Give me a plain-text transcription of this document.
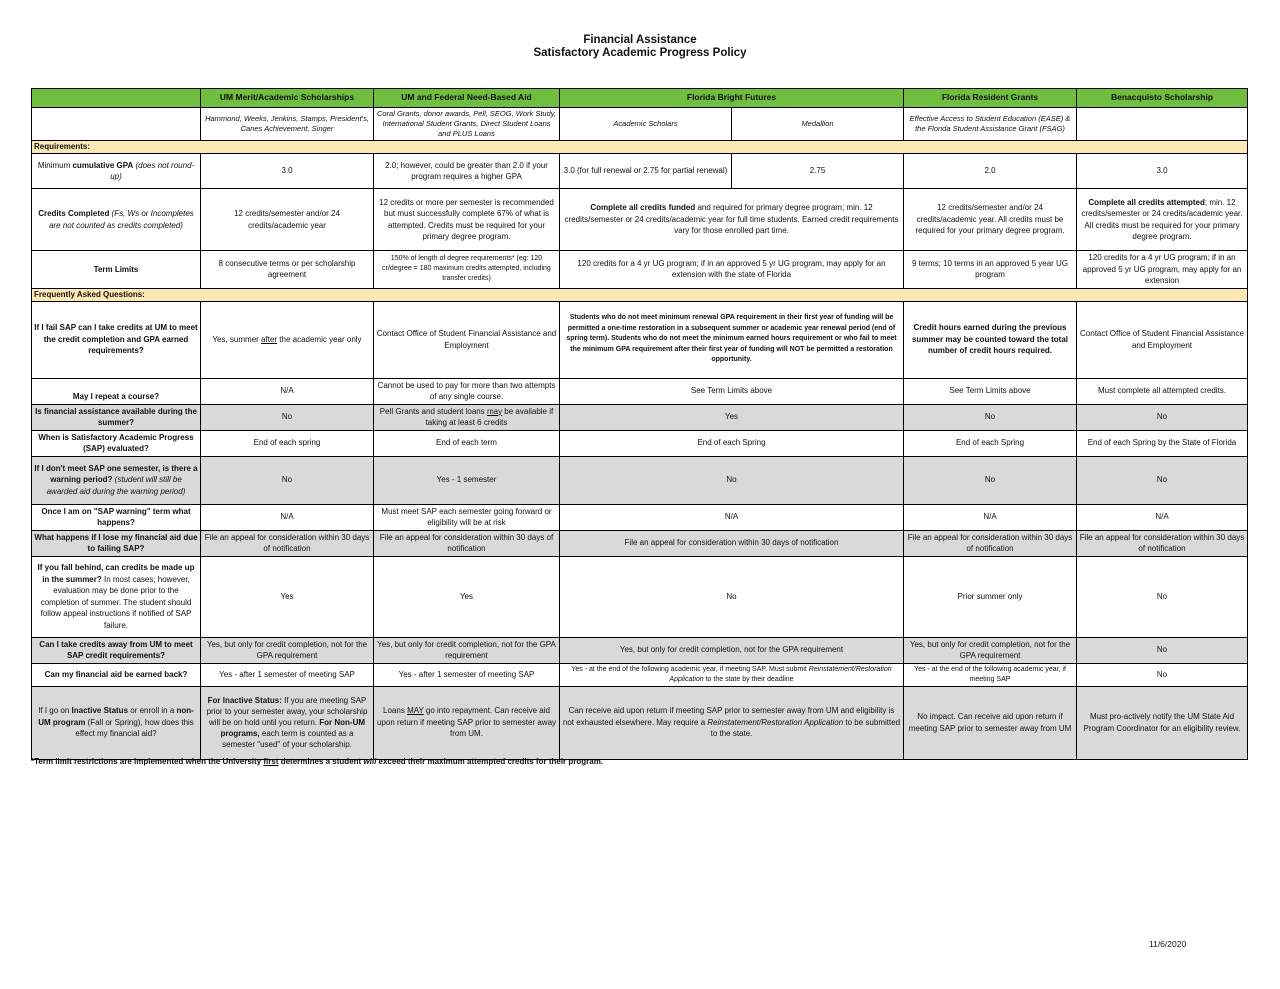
Financial Assistance
Satisfactory Academic Progress Policy
	UM Merit/Academic Scholarships	UM and Federal Need-Based Aid	Florida Bright Futures		Florida Resident Grants	Benacquisto Scholarship
	Hammond, Weeks, Jenkins, Stamps, President's, Canes Achievement, Singer	Coral Grants, donor awards, Pell, SEOG, Work Study, International Student Grants, Direct Student Loans and PLUS Loans	Academic Scholars	Medallion	Effective Access to Student Education (EASE) & the Florida Student Assistance Grant (FSAG)	
Requirements:						
Minimum cumulative GPA (does not round-up)	3.0	2.0; however, could be greater than 2.0 if your program requires a higher GPA	3.0 (for full renewal or 2.75 for partial renewal)	2.75	2.0	3.0
Credits Completed (Fs, Ws or Incompletes are not counted as credits completed)	12 credits/semester and/or 24 credits/academic year	12 credits or more per semester is recommended but must successfully complete 67% of what is attempted. Credits must be required for your primary degree program.	Complete all credits funded and required for primary degree program; min. 12 credits/semester or 24 credits/academic year for full time students. Earned credit requirements vary for those enrolled part time.		12 credits/semester and/or 24 credits/academic year. All credits must be required for your primary degree program.	Complete all credits attempted; min. 12 credits/semester or 24 credits/academic year. All credits must be required for your primary degree program.
Term Limits	8 consecutive terms or per scholarship agreement	150% of length of degree requirements* (eg: 120 cr/degree = 180 maximum credits attempted, including transfer credits)	120 credits for a 4 yr UG program; if in an approved 5 yr UG program, may apply for an extension with the state of Florida		9 terms; 10 terms in an approved 5 year UG program	120 credits for a 4 yr UG program; if in an approved 5 yr UG program, may apply for an extension
Frequently Asked Questions:						
If I fail SAP can I take credits at UM to meet the credit completion and GPA earned requirements?	Yes, summer after the academic year only	Contact Office of Student Financial Assistance and Employment	Students who do not meet minimum renewal GPA requirement in their first year of funding will be permitted a one-time restoration in a subsequent summer or academic year renewal period (end of spring term). Students who do not meet the minimum earned hours requirement or who fail to meet the minimum GPA requirement after their first year of funding will NOT be permitted a restoration opportunity.		Credit hours earned during the previous summer may be counted toward the total number of credit hours required.	Contact Office of Student Financial Assistance and Employment
May I repeat a course?	N/A	Cannot be used to pay for more than two attempts of any single course.	See Term Limits above		See Term Limits above	Must complete all attempted credits.
Is financial assistance available during the summer?	No	Pell Grants and student loans may be available if taking at least 6 credits	Yes		No	No
When is Satisfactory Academic Progress (SAP) evaluated?	End of each spring	End of each term	End of each Spring		End of each Spring	End of each Spring by the State of Florida
If I don't meet SAP one semester, is there a warning period? (student will still be awarded aid during the warning period)	No	Yes - 1 semester	No		No	No
Once I am on "SAP warning" term what happens?	N/A	Must meet SAP each semester going forward or eligibility will be at risk	N/A		N/A	N/A
What happens if I lose my financial aid due to failing SAP?	File an appeal for consideration within 30 days of notification	File an appeal for consideration within 30 days of notification	File an appeal for consideration within 30 days of notification		File an appeal for consideration within 30 days of notification	File an appeal for consideration within 30 days of notification
If you fall behind, can credits be made up in the summer? In most cases; however, evaluation may be done prior to the completion of summer. The student should follow appeal instructions if notified of SAP failure.	Yes	Yes	No		Prior summer only	No
Can I take credits away from UM to meet SAP credit requirements?	Yes, but only for credit completion, not for the GPA requirement	Yes, but only for credit completion, not for the GPA requirement	Yes, but only for credit completion, not for the GPA requirement		Yes, but only for credit completion, not for the GPA requirement	No
Can my financial aid be earned back?	Yes - after 1 semester of meeting SAP	Yes - after 1 semester of meeting SAP	Yes - at the end of the following academic year, if meeting SAP. Must submit Reinstatement/Restoration Application to the state by their deadline		Yes - at the end of the following academic year, if meeting SAP	No
If I go on Inactive Status or enroll in a non-UM program (Fall or Spring), how does this effect my financial aid?	For Inactive Status: If you are meeting SAP prior to your semester away, your scholarship will be on hold until you return. For Non-UM programs, each term is counted as a semester "used" of your scholarship.	Loans MAY go into repayment. Can receive aid upon return if meeting SAP prior to semester away from UM.	Can receive aid upon return if meeting SAP prior to semester away from UM and eligibility is not exhausted elsewhere. May require a Reinstatement/Restoration Application to be submitted to the state.		No impact. Can receive aid upon return if meeting SAP prior to semester away from UM	Must pro-actively notify the UM State Aid Program Coordinator for an eligibility review.
*Term limit restrictions are implemented when the University first determines a student will exceed their maximum attempted credits for their program.
11/6/2020
